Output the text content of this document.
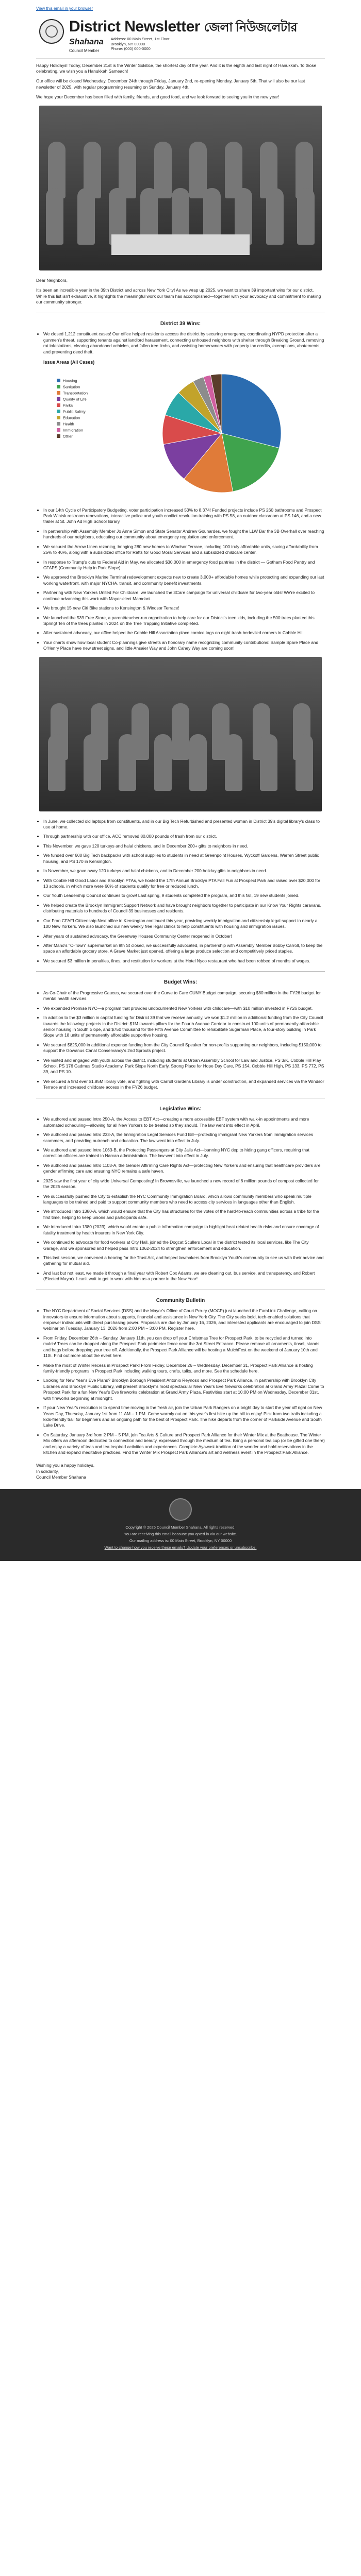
View this email in your browser
District Newsletter জেলা নিউজলেটার
Shahana
Council Member
Address: 00 Main Street, 1st Floor
Brooklyn, NY 00000
Phone: (000) 000-0000

Happy Holidays! Today, December 21st is the Winter Solstice, the shortest day of the year. And it is the eighth and last night of Hanukkah. To those celebrating, we wish you a Hanukkah Sameach!

Our office will be closed Wednesday, December 24th through Friday, January 2nd, re-opening Monday, January 5th. That will also be our last newsletter of 2025, with regular programming resuming on Sunday, January 4th.

We hope your December has been filled with family, friends, and good food, and we look forward to seeing you in the new year!

Dear Neighbors,

It's been an incredible year in the 39th District and across New York City! As we wrap up 2025, we want to share 39 important wins for our district. While this list isn't exhaustive, it highlights the meaningful work our team has accomplished—together with your advocacy and commitment to making our community stronger.

District 39 Wins:
• We closed 1,212 constituent cases! Our office helped residents access the district by securing emergency, coordinating NYPD protection after a gunmen's threat, supporting tenants against landlord harassment, connecting unhoused neighbors with shelter through Breaking Ground, removing rat infestations, clearing abandoned vehicles, and fallen tree limbs, and assisting homeowners with property tax credits, exemptions, abatements, and preventing deed theft.
Issue Areas (All Cases)
Housing
Sanitation
Transportation
Quality of Life
Parks
Public Safety
Education
Health
Immigration
Other
• In our 14th Cycle of Participatory Budgeting, voter participation increased 53% to 8,374! Funded projects include PS 260 bathrooms and Prospect Park Wintsk restroom renovations, interactive police and youth conflict resolution training with PS 58, an outdoor classroom at PS 146, and a new trailer at St. John Ad High School library.
• In partnership with Assembly Member Jo Anne Simon and State Senator Andrew Gounardes, we fought the LLW Bar the 3B Overhall over reaching hundreds of our neighbors, educating our community about emergency regulation and enforcement.
• We secured the Arrow Linen rezoning, bringing 280 new homes to Windsor Terrace, including 100 truly affordable units, saving affordability from 25% to 40%, along with a subsidized office for Rafts for Good Moral Services and a subsidized childcare center.
• In response to Trump's cuts to Federal Aid in May, we allocated $30,000 in emergency food pantries in the district — Gotham Food Pantry and CFAPS (Community Help in Park Slope).
• We approved the Brooklyn Marine Terminal redevelopment expects new to create 3,000+ affordable homes while protecting and expanding our last working waterfront, with major NYCHA, transit, and community benefit investments.
• Partnering with New Yorkers United For Childcare, we launched the 3Care campaign for universal childcare for two-year olds! We're excited to continue advancing this work with Mayor-elect Mamdani.
• We brought 15 new Citi Bike stations to Kensington & Windsor Terrace!
• We launched the 539 Free Store, a parent/teacher-run organization to help care for our District's teen kids, including the 500 trees planted this Spring! Ten of the trees planted in 2024 on the Tree Trapping Initiative completed.
• After sustained advocacy, our office helped the Cobble Hill Association place cornice tags on eight trash-bedeviled corners in Cobble Hill.
• Your charts show how local student Co-plannings give streets an honorary name recognizing community contributions: Sample Spare Place and O'Henry Place have new street signs, and little Ansaier Way and John Cahey Way are coming soon!
• In June, we collected old laptops from constituents, and in our Big Tech Refurbished and presented woman in District 39's digital library's class to use at home.
• Through partnership with our office, ACC removed 80,000 pounds of trash from our district.
• This November, we gave 120 turkeys and halal chickens, and in December 200+ gifts to neighbors in need.
• We funded over 600 Big Tech backpacks with school supplies to students in need at Greenpoint Houses, Wyckoff Gardens, Warren Street public housing, and PS 170 in Kensington.
• In November, we gave away 120 turkeys and halal chickens, and in December 200 holiday gifts to neighbors in need.
• With Cobble Hill Good Labor and Brooklyn PTAs, we hosted the 17th Annual Brooklyn PTA Fall Fun at Prospect Park and raised over $20,000 for 13 schools, in which more were 60% of students qualify for free or reduced lunch.
• Our Youth Leadership Council continues to grow! Last spring, 9 students completed the program, and this fall, 19 new students joined.
• We helped create the Brooklyn Immigrant Support Network and have brought neighbors together to participate in our Know Your Rights caravans, distributing materials to hundreds of Council 39 businesses and residents.
• Our Fran CFAFI Citizenship Next office in Kensington continued this year, providing weekly immigration and citizenship legal support to nearly a 100 New Yorkers. We also launched our new weekly free legal clinics to help constituents with housing and immigration issues.
• After years of sustained advocacy, the Greenway Houses Community Center reopened in October!
• After Mano's "C-Town" supermarket on 9th St closed, we successfully advocated, in partnership with Assembly Member Bobby Carroll, to keep the space an affordable grocery store. A Grave Market just opened, offering a large produce selection and competitively priced staples.
• We secured $3 million in penalties, fines, and restitution for workers at the Hotel Nyco restaurant who had been robbed of months of wages.
Budget Wins:
• As Co-Chair of the Progressive Caucus, we secured over the Curve to Care CUNY Budget campaign, securing $80 million in the FY26 budget for mental health services.
• We expanded Promise NYC—a program that provides undocumented New Yorkers with childcare—with $10 million invested in FY26 budget.
• In addition to the $3 million in capital funding for District 39 that we receive annually, we won $1.2 million in additional funding from the City Council towards the following: projects in the District: $1M towards pillars for the Fourth Avenue Corridor to construct 100 units of permanently affordable senior housing in South Slope, and $750 thousand for the Fifth Avenue Committee to rehabilitate Sugarman Place, a four-story building in Park Slope with 18 units of permanently affordable supportive housing.
• We secured $825,000 in additional expense funding from the City Council Speaker for non-profits supporting our neighbors, including $150,000 to support the Gowanus Canal Conservancy's 2nd Sprouts project.
• We visited and engaged with youth across the district, including students at Urban Assembly School for Law and Justice, PS 3/K, Cobble Hill Play School, PS 176 Cadmus Studio Academy, Park Slope North Early, Strong Place for Hope Day Care, PS 154, Cobble Hill High, PS 133, PS 772, PS 39, and PS 10.
• We secured a first ever $1.85M library vote, and fighting with Carroll Gardens Library is under construction, and expanded services via the Windsor Terrace and increased childcare access in the FY26 budget.
Legislative Wins:
• We authored and passed Intro 250-A, the Access to EBT Act—creating a more accessible EBT system with walk-in appointments and more automated scheduling—allowing for all New Yorkers to be treated so they should. The law went into effect in April.
• We authored and passed Intro 233-A, the Immigration Legal Services Fund Bill—protecting immigrant New Yorkers from immigration services scammers, and providing outreach and education. The law went into effect in July.
• We authored and passed Intro 1063-B, the Protecting Passengers at City Jails Act—banning NYC dep to hiding gang officers, requiring that correction officers are trained in Narcan administration. The law went into effect in July.
• We authored and passed Intro 1103-A, the Gender Affirming Care Rights Act—protecting New Yorkers and ensuring that healthcare providers are gender affirming care and ensuring NYC remains a safe haven.
• 2025 saw the first year of city wide Universal Composting! In Brownsville, we launched a new record of 6 million pounds of compost collected for the 2025 season.
• We successfully pushed the City to establish the NYC Community Immigration Board, which allows community members who speak multiple languages to be trained and paid to support community members who need to access city services in languages other than English.
• We introduced Intro 1380-A, which would ensure that the City has structures for the votes of the hard-to-reach communities across a tribe for the first time, helping to keep unions and participants safe.
• We introduced Intro 1380 (2023), which would create a public information campaign to highlight heat related health risks and ensure coverage of fatality treatment by health insurers in New York City.
• We continued to advocate for food workers at City Hall, joined the Dogcat Scullers Local in the district tested its local services, like The City Garage, and we sponsored and helped pass Intro 1062-2024 to strengthen enforcement and education.
• This last session, we convened a hearing for the Trust Act, and helped lawmakers from Brooklyn Youth's community to see us with their advice and gathering for mutual aid.
• And last but not least, we made it through a final year with Robert Cox Adams, we are cleaning out, bus service, and transparency, and Robert (Elected Mayor). I can't wait to get to work with him as a partner in the New Year!
Community Bulletin
• The NYC Department of Social Services (DSS) and the Mayor's Office of Court Pro-ry (MOCP) just launched the FamLink Challenge, calling on innovators to ensure information about supports, financial and assistance in New York City. The City seeks bold, tech-enabled solutions that empower individuals with direct purchasing power. Proposals are due by January 16, 2026, and interested applicants are encouraged to join DSS' webinar on Tuesday, January 13, 2026 from 2:00 PM – 3:00 PM. Register here.
• From Friday, December 26th – Sunday, January 11th, you can drop off your Christmas Tree for Prospect Park, to be recycled and turned into mulch! Trees can be dropped along the Prospect Park perimeter fence near the 3rd Street Entrance. Please remove all ornaments, tinsel, stands and bags before dropping your tree off. Additionally, the Prospect Park Alliance will be hosting a MulchFest on the weekend of January 10th and 11th. Find out more about the event here.
• Make the most of Winter Recess in Prospect Park! From Friday, December 26 – Wednesday, December 31, Prospect Park Alliance is hosting family-friendly programs in Prospect Park including walking tours, crafts, talks, and more. See the schedule here.
• Looking for New Year's Eve Plans? Brooklyn Borough President Antonio Reynoso and Prospect Park Alliance, in partnership with Brooklyn City Libraries and Brooklyn Public Library, will present Brooklyn's most spectacular New Year's Eve fireworks celebration at Grand Army Plaza! Come to Prospect Park for a fun New Year's Eve fireworks celebration at Grand Army Plaza. Festivities start at 10:00 PM on Wednesday, December 31st, with fireworks beginning at midnight.
• If your New Year's resolution is to spend time moving in the fresh air, join the Urban Park Rangers on a bright day to start the year off right on New Years Day, Thursday, January 1st from 11 AM – 1 PM. Come warmly out on this year's first hike up the hill to enjoy! Pick from two trails including a kids-friendly trail for beginners and an ongoing path for the best of Prospect Park. The hike departs from the corner of Parkside Avenue and South Lake Drive.
• On Saturday, January 3rd from 2 PM – 5 PM, join Tea Arts & Culture and Prospect Park Alliance for their Winter Mix at the Boathouse. The Winter Mix offers an afternoon dedicated to connection and beauty, expressed through the medium of tea. Bring a personal tea cup (or be gifted one there) and enjoy a variety of teas and tea-inspired activities and experiences. Complete Ayawasi-tradition of the wonder and hold reservations in the kitchen and expand meditative practices. Find the Winter Mix Prospect Park Alliance's art and wellness event in the Prospect Park Alliance.
Wishing you a happy holidays,
In solidarity,
Council Member Shahana
Copyright © 2025 Council Member Shahana, All rights reserved.
You are receiving this email because you opted in via our website.
Our mailing address is: 00 Main Street, Brooklyn, NY 00000
Want to change how you receive these emails? Update your preferences or unsubscribe.
